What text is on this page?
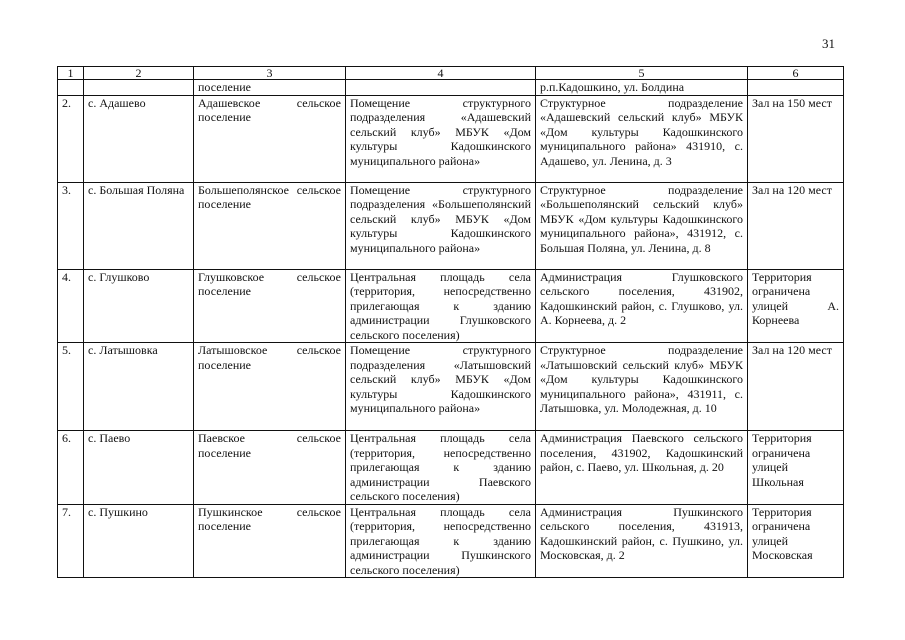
31
1	2	3	4	5	6
		поселение		р.п.Кадошкино, ул. Болдина	
2.	с. Адашево	Адашевское сельское поселение	Помещение структурного подразделения «Адашевский сельский клуб» МБУК «Дом культуры Кадошкинского муниципального района»	Структурное подразделение «Адашевский сельский клуб» МБУК «Дом культуры Кадошкинского муниципального района» 431910, с. Адашево, ул. Ленина, д. 3	Зал на 150 мест
3.	с. Большая Поляна	Большеполянское сельское поселение	Помещение структурного подразделения «Большеполянский сельский клуб» МБУК «Дом культуры Кадошкинского муниципального района»	Структурное подразделение «Большеполянский сельский клуб» МБУК «Дом культуры Кадошкинского муниципального района», 431912, с. Большая Поляна, ул. Ленина, д. 8	Зал на 120 мест
4.	с. Глушково	Глушковское сельское поселение	Центральная площадь села (территория, непосредственно прилегающая к зданию администрации Глушковского сельского поселения)	Администрация Глушковского сельского поселения, 431902, Кадошкинский район, с. Глушково, ул. А. Корнеева, д. 2	Территория ограничена улицей А. Корнеева
5.	с. Латышовка	Латышовское сельское поселение	Помещение структурного подразделения «Латышовский сельский клуб» МБУК «Дом культуры Кадошкинского муниципального района»	Структурное подразделение «Латышовский сельский клуб» МБУК «Дом культуры Кадошкинского муниципального района», 431911, с. Латышовка, ул. Молодежная, д. 10	Зал на 120 мест
6.	с. Паево	Паевское сельское поселение	Центральная площадь села (территория, непосредственно прилегающая к зданию администрации Паевского сельского поселения)	Администрация Паевского сельского поселения, 431902, Кадошкинский район, с. Паево, ул. Школьная, д. 20	Территория ограничена улицей Школьная
7.	с. Пушкино	Пушкинское сельское поселение	Центральная площадь села (территория, непосредственно прилегающая к зданию администрации Пушкинского сельского поселения)	Администрация Пушкинского сельского поселения, 431913, Кадошкинский район, с. Пушкино, ул. Московская, д. 2	Территория ограничена улицей Московская
